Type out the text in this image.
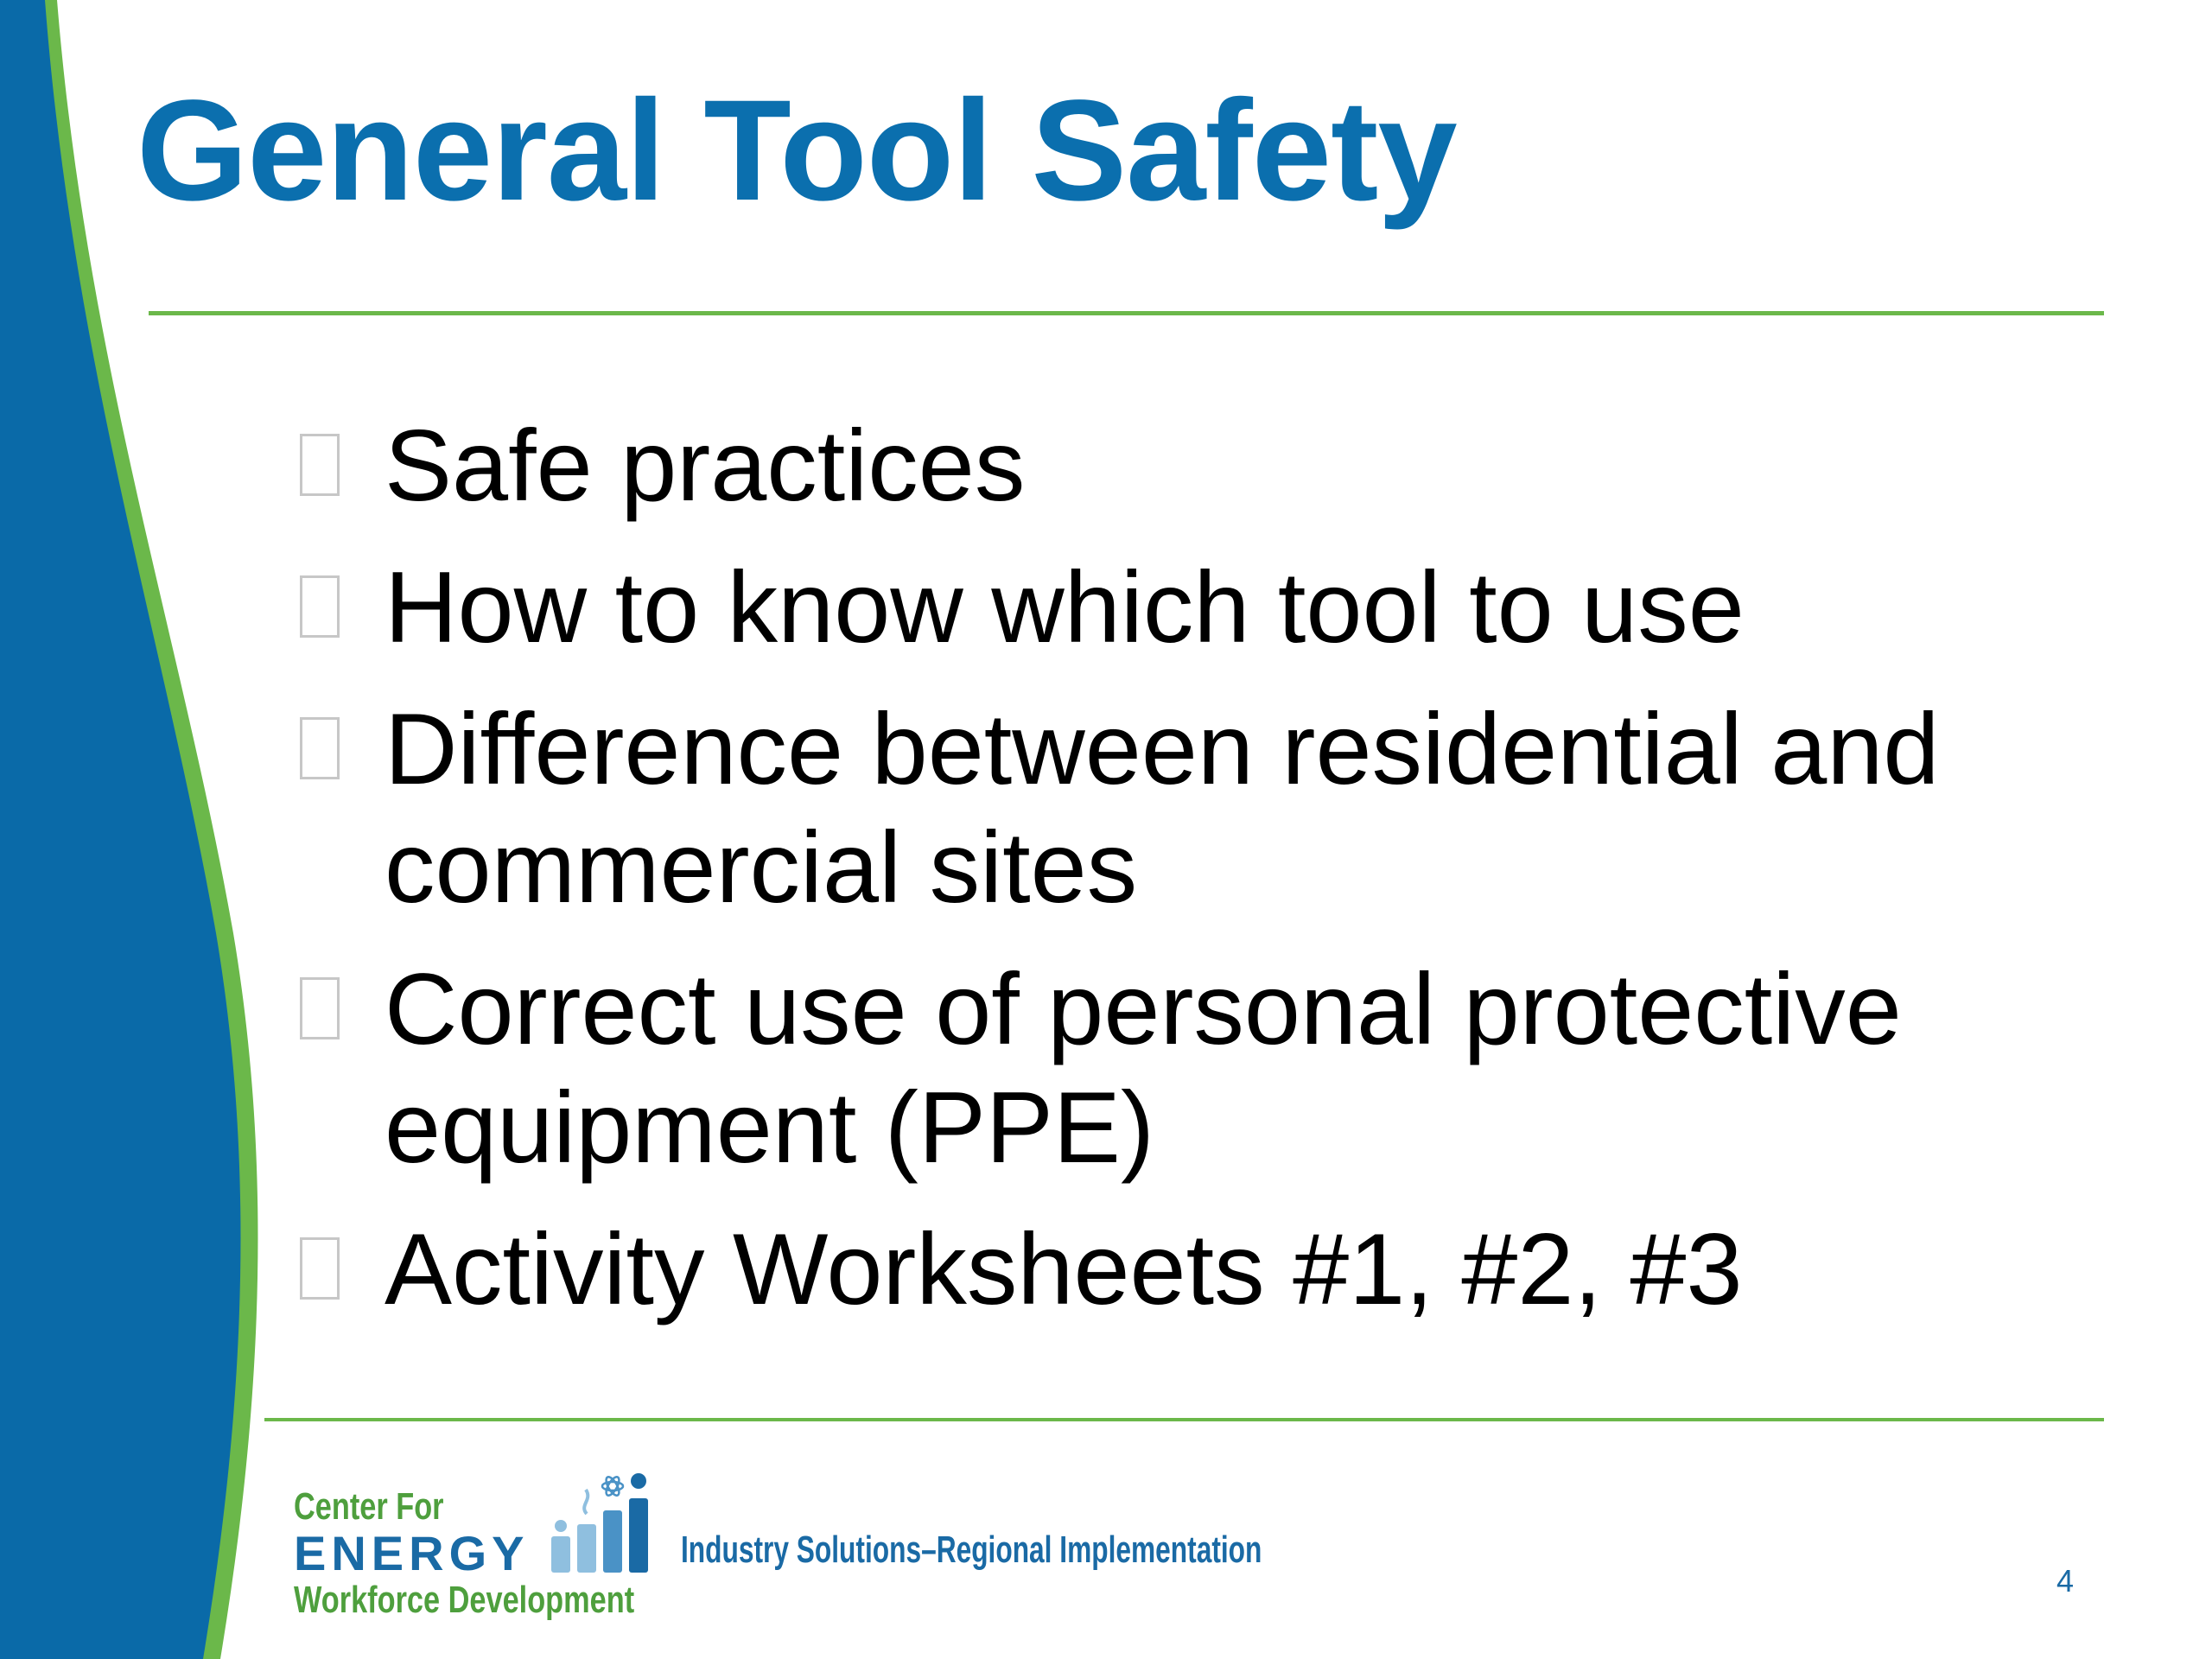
General Tool Safety
Safe practices
How to know which tool to use
Difference between residential and commercial sites
Correct use of personal protective equipment (PPE)
Activity Worksheets #1, #2, #3
Center For
ENERGY
Workforce Development
Industry Solutions–Regional Implementation
4
